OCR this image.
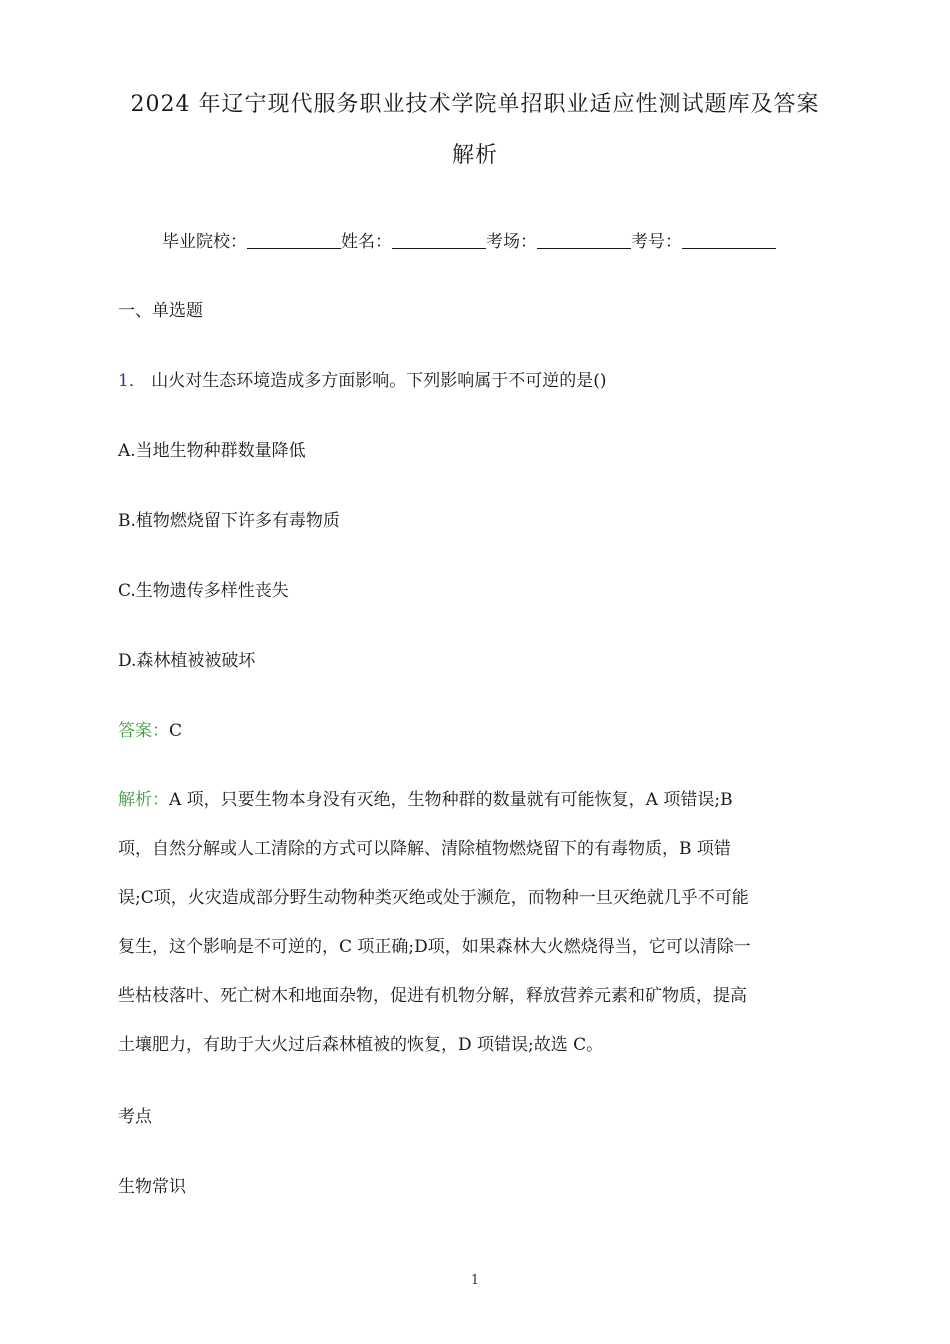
2024 年辽宁现代服务职业技术学院单招职业适应性测试题库及答案
解析
毕业院校：	姓名：	考场：	考号：
一、单选题
1． 山火对生态环境造成多方面影响。下列影响属于不可逆的是()
A.当地生物种群数量降低
B.植物燃烧留下许多有毒物质
C.生物遗传多样性丧失
D.森林植被被破坏
答案：C

解析：A 项，只要生物本身没有灭绝，生物种群的数量就有可能恢复，A 项错误;B

项，自然分解或人工清除的方式可以降解、清除植物燃烧留下的有毒物质，B 项错

误;C项，火灾造成部分野生动物种类灭绝或处于濒危，而物种一旦灭绝就几乎不可能

复生，这个影响是不可逆的，C 项正确;D项，如果森林大火燃烧得当，它可以清除一

些枯枝落叶、死亡树木和地面杂物，促进有机物分解，释放营养元素和矿物质，提高

土壤肥力，有助于大火过后森林植被的恢复，D 项错误;故选 C。

考点
生物常识
1
